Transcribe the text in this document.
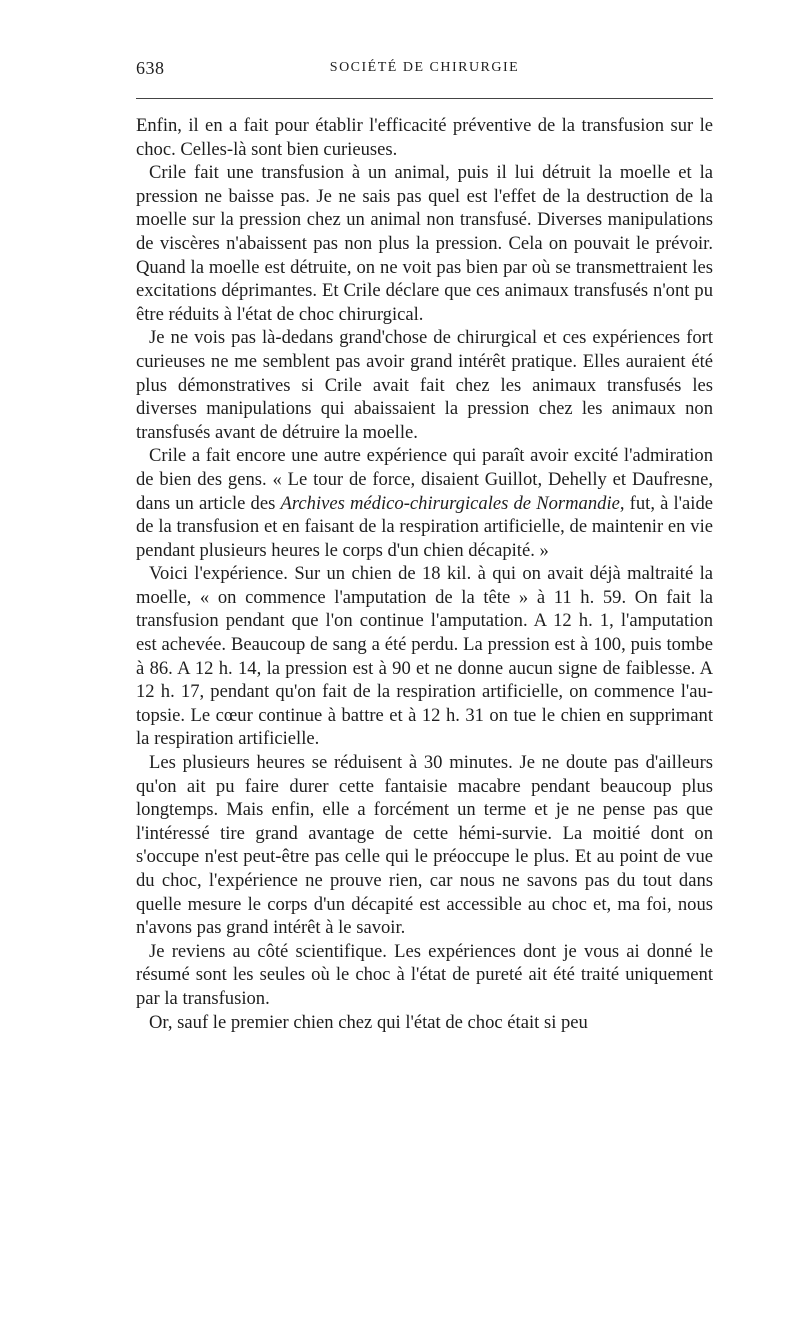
638	SOCIÉTÉ DE CHIRURGIE

Enfin, il en a fait pour établir l'efficacité préventive de la transfusion sur le choc. Celles-là sont bien curieuses.

Crile fait une transfusion à un animal, puis il lui détruit la moelle et la pression ne baisse pas. Je ne sais pas quel est l'effet de la destruction de la moelle sur la pression chez un animal non transfusé. Diverses manipulations de viscères n'abaissent pas non plus la pression. Cela on pouvait le prévoir. Quand la moelle est détruite, on ne voit pas bien par où se transmettraient les excitations déprimantes. Et Crile déclare que ces animaux transfusés n'ont pu être réduits à l'état de choc chirurgical.

Je ne vois pas là-dedans grand'chose de chirurgical et ces expériences fort curieuses ne me semblent pas avoir grand intérêt pratique. Elles auraient été plus démonstratives si Crile avait fait chez les animaux transfusés les diverses manipulations qui abaissaient la pression chez les animaux non transfusés avant de détruire la moelle.

Crile a fait encore une autre expérience qui paraît avoir excité l'admiration de bien des gens. « Le tour de force, disaient Guillot, Dehelly et Daufresne, dans un article des Archives médico-chirurgicales de Normandie, fut, à l'aide de la transfusion et en faisant de la respiration artificielle, de maintenir en vie pendant plusieurs heures le corps d'un chien décapité. »

Voici l'expérience. Sur un chien de 18 kil. à qui on avait déjà maltraité la moelle, « on commence l'amputation de la tête » à 11 h. 59. On fait la transfusion pendant que l'on continue l'amputation. A 12 h. 1, l'amputation est achevée. Beaucoup de sang a été perdu. La pression est à 100, puis tombe à 86. A 12 h. 14, la pression est à 90 et ne donne aucun signe de faiblesse. A 12 h. 17, pendant qu'on fait de la respiration artificielle, on commence l'autopsie. Le cœur continue à battre et à 12 h. 31 on tue le chien en supprimant la respiration artificielle.

Les plusieurs heures se réduisent à 30 minutes. Je ne doute pas d'ailleurs qu'on ait pu faire durer cette fantaisie macabre pendant beaucoup plus longtemps. Mais enfin, elle a forcément un terme et je ne pense pas que l'intéressé tire grand avantage de cette hémi-survie. La moitié dont on s'occupe n'est peut-être pas celle qui le préoccupe le plus. Et au point de vue du choc, l'expérience ne prouve rien, car nous ne savons pas du tout dans quelle mesure le corps d'un décapité est accessible au choc et, ma foi, nous n'avons pas grand intérêt à le savoir.

Je reviens au côté scientifique. Les expériences dont je vous ai donné le résumé sont les seules où le choc à l'état de pureté ait été traité uniquement par la transfusion.

Or, sauf le premier chien chez qui l'état de choc était si peu
